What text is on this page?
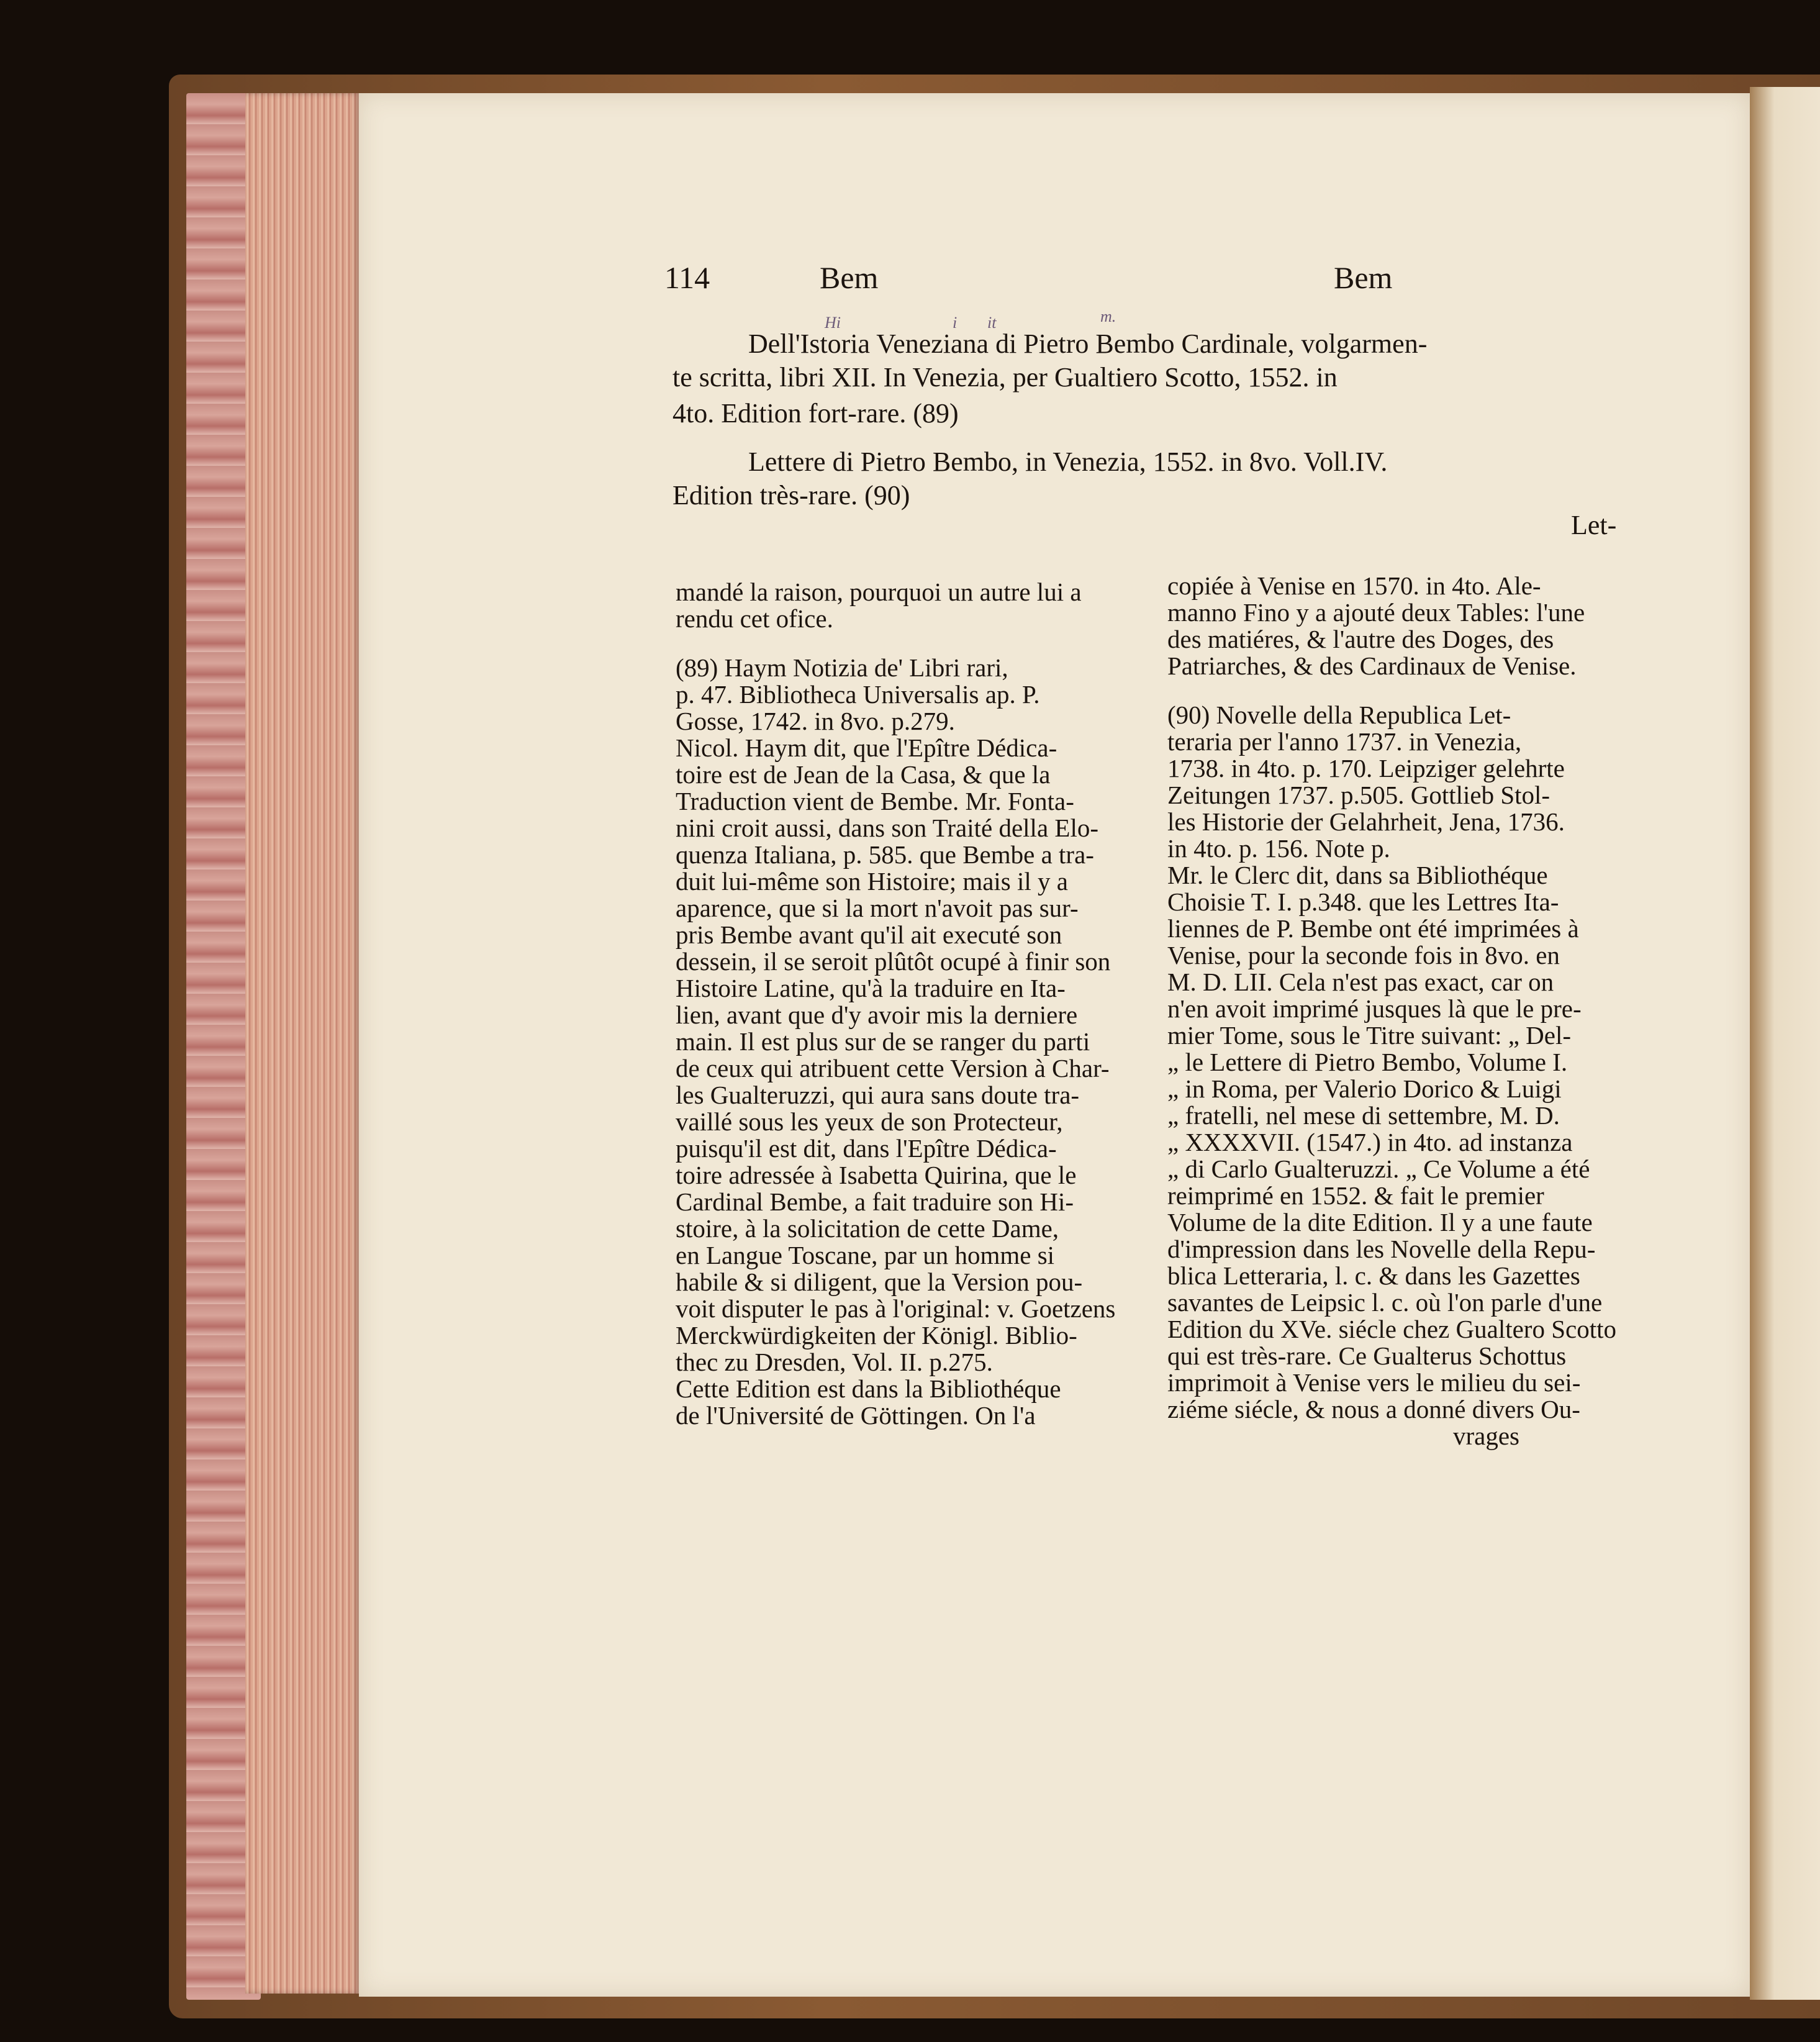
114	Bem	Bem
Hi	i it	m.
Dell'Istoria Veneziana di Pietro Bembo Cardinale, volgarmen-
te scritta, libri XII. In Venezia, per Gualtiero Scotto, 1552. in
4to. Edition fort-rare. (89)
Lettere di Pietro Bembo, in Venezia, 1552. in 8vo. Voll.IV.
Edition très-rare. (90)
Let-

mandé la raison, pourquoi un autre lui a

rendu cet ofice.

(89) Haym Notizia de' Libri rari,

p. 47. Bibliotheca Universalis ap. P.

Gosse, 1742. in 8vo. p.279.

Nicol. Haym dit, que l'Epître Dédica-

toire est de Jean de la Casa, & que la

Traduction vient de Bembe. Mr. Fonta-

nini croit aussi, dans son Traité della Elo-

quenza Italiana, p. 585. que Bembe a tra-

duit lui-même son Histoire; mais il y a

aparence, que si la mort n'avoit pas sur-

pris Bembe avant qu'il ait executé son

dessein, il se seroit plûtôt ocupé à finir son

Histoire Latine, qu'à la traduire en Ita-

lien, avant que d'y avoir mis la derniere

main. Il est plus sur de se ranger du parti

de ceux qui atribuent cette Version à Char-

les Gualteruzzi, qui aura sans doute tra-

vaillé sous les yeux de son Protecteur,

puisqu'il est dit, dans l'Epître Dédica-

toire adressée à Isabetta Quirina, que le

Cardinal Bembe, a fait traduire son Hi-

stoire, à la solicitation de cette Dame,

en Langue Toscane, par un homme si

habile & si diligent, que la Version pou-

voit disputer le pas à l'original: v. Goetzens

Merckwürdigkeiten der Königl. Biblio-

thec zu Dresden, Vol. II. p.275.

Cette Edition est dans la Bibliothéque

de l'Université de Göttingen. On l'a

copiée à Venise en 1570. in 4to. Ale-

manno Fino y a ajouté deux Tables: l'une

des matiéres, & l'autre des Doges, des

Patriarches, & des Cardinaux de Venise.

(90) Novelle della Republica Let-

teraria per l'anno 1737. in Venezia,

1738. in 4to. p. 170. Leipziger gelehrte

Zeitungen 1737. p.505. Gottlieb Stol-

les Historie der Gelahrheit, Jena, 1736.

in 4to. p. 156. Note p.

Mr. le Clerc dit, dans sa Bibliothéque

Choisie T. I. p.348. que les Lettres Ita-

liennes de P. Bembe ont été imprimées à

Venise, pour la seconde fois in 8vo. en

M. D. LII. Cela n'est pas exact, car on

n'en avoit imprimé jusques là que le pre-

mier Tome, sous le Titre suivant: „ Del-

„ le Lettere di Pietro Bembo, Volume I.

„ in Roma, per Valerio Dorico & Luigi

„ fratelli, nel mese di settembre, M. D.

„ XXXXVII. (1547.) in 4to. ad instanza

„ di Carlo Gualteruzzi. „ Ce Volume a été

reimprimé en 1552. & fait le premier

Volume de la dite Edition. Il y a une faute

d'impression dans les Novelle della Repu-

blica Letteraria, l. c. & dans les Gazettes

savantes de Leipsic l. c. où l'on parle d'une

Edition du XVe. siécle chez Gualtero Scotto

qui est très-rare. Ce Gualterus Schottus

imprimoit à Venise vers le milieu du sei-

ziéme siécle, & nous a donné divers Ou-

vrages
